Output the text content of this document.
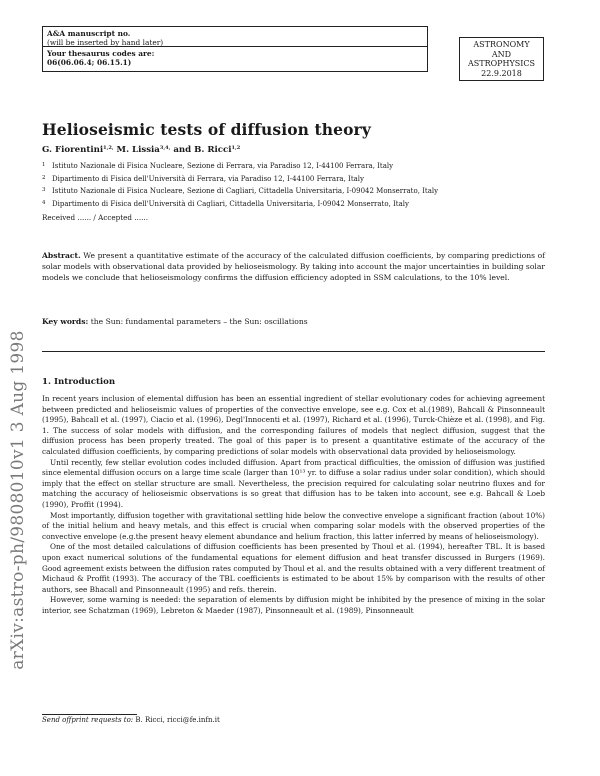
A&A manuscript no.
(will be inserted by hand later)
Your thesaurus codes are:
06(06.06.4; 06.15.1)
ASTRONOMY
AND
ASTROPHYSICS
22.9.2018
Helioseismic tests of diffusion theory
G. Fiorentini$^{1,2,}$ M. Lissia$^{3,4,}$ and B. Ricci$^{1,2}$
1 Istituto Nazionale di Fisica Nucleare, Sezione di Ferrara, via Paradiso 12, I-44100 Ferrara, Italy
2 Dipartimento di Fisica dell'Università di Ferrara, via Paradiso 12, I-44100 Ferrara, Italy
3 Istituto Nazionale di Fisica Nucleare, Sezione di Cagliari, Cittadella Universitaria, I-09042 Monserrato, Italy
4 Dipartimento di Fisica dell'Università di Cagliari, Cittadella Universitaria, I-09042 Monserrato, Italy
Received ...... / Accepted ......
Abstract. We present a quantitative estimate of the accuracy of the calculated diffusion coefficients, by comparing predictions of solar models with observational data provided by helioseismology. By taking into account the major uncertainties in building solar models we conclude that helioseismology confirms the diffusion efficiency adopted in SSM calculations, to the 10% level.
Key words: the Sun: fundamental parameters – the Sun: oscillations
arXiv:astro-ph/9808010v1 3 Aug 1998 1. Introduction

In recent years inclusion of elemental diffusion has been an essential ingredient of stellar evolutionary codes for achieving agreement between predicted and helioseismic values of properties of the convective envelope, see e.g. Cox et al.(1989), Bahcall & Pinsonneault (1995), Bahcall et al. (1997), Ciacio et al. (1996), Degl'Innocenti et al. (1997), Richard et al. (1996), Turck-Chièze et al. (1998), and Fig. 1. The success of solar models with diffusion, and the corresponding failures of models that neglect diffusion, suggest that the diffusion process has been properly treated. The goal of this paper is to present a quantitative estimate of the accuracy of the calculated diffusion coefficients, by comparing predictions of solar models with observational data provided by helioseismology.

Until recently, few stellar evolution codes included diffusion. Apart from practical difficulties, the omission of diffusion was justified since elemental diffusion occurs on a large time scale (larger than 10¹³ yr. to diffuse a solar radius under solar condition), which should imply that the effect on stellar structure are small. Nevertheless, the precision required for calculating solar neutrino fluxes and for matching the accuracy of helioseismic observations is so great that diffusion has to be taken into account, see e.g. Bahcall & Loeb (1990), Proffit (1994).

Most importantly, diffusion together with gravitational settling hide below the convective envelope a significant fraction (about 10%) of the initial helium and heavy metals, and this effect is crucial when comparing solar models with the observed properties of the convective envelope (e.g.the present heavy element abundance and helium fraction, this latter inferred by means of helioseismology).

One of the most detailed calculations of diffusion coefficients has been presented by Thoul et al. (1994), hereafter TBL. It is based upon exact numerical solutions of the fundamental equations for element diffusion and heat transfer discussed in Burgers (1969). Good agreement exists between the diffusion rates computed by Thoul et al. and the results obtained with a very different treatment of Michaud & Proffit (1993). The accuracy of the TBL coefficients is estimated to be about 15% by comparison with the results of other authors, see Bhacall and Pinsonneault (1995) and refs. therein.

However, some warning is needed: the separation of elements by diffusion might be inhibited by the presence of mixing in the solar interior, see Schatzman (1969), Lebreton & Maeder (1987), Pinsonneault et al. (1989), Pinsonneault

Send offprint requests to: B. Ricci, ricci@fe.infn.it
